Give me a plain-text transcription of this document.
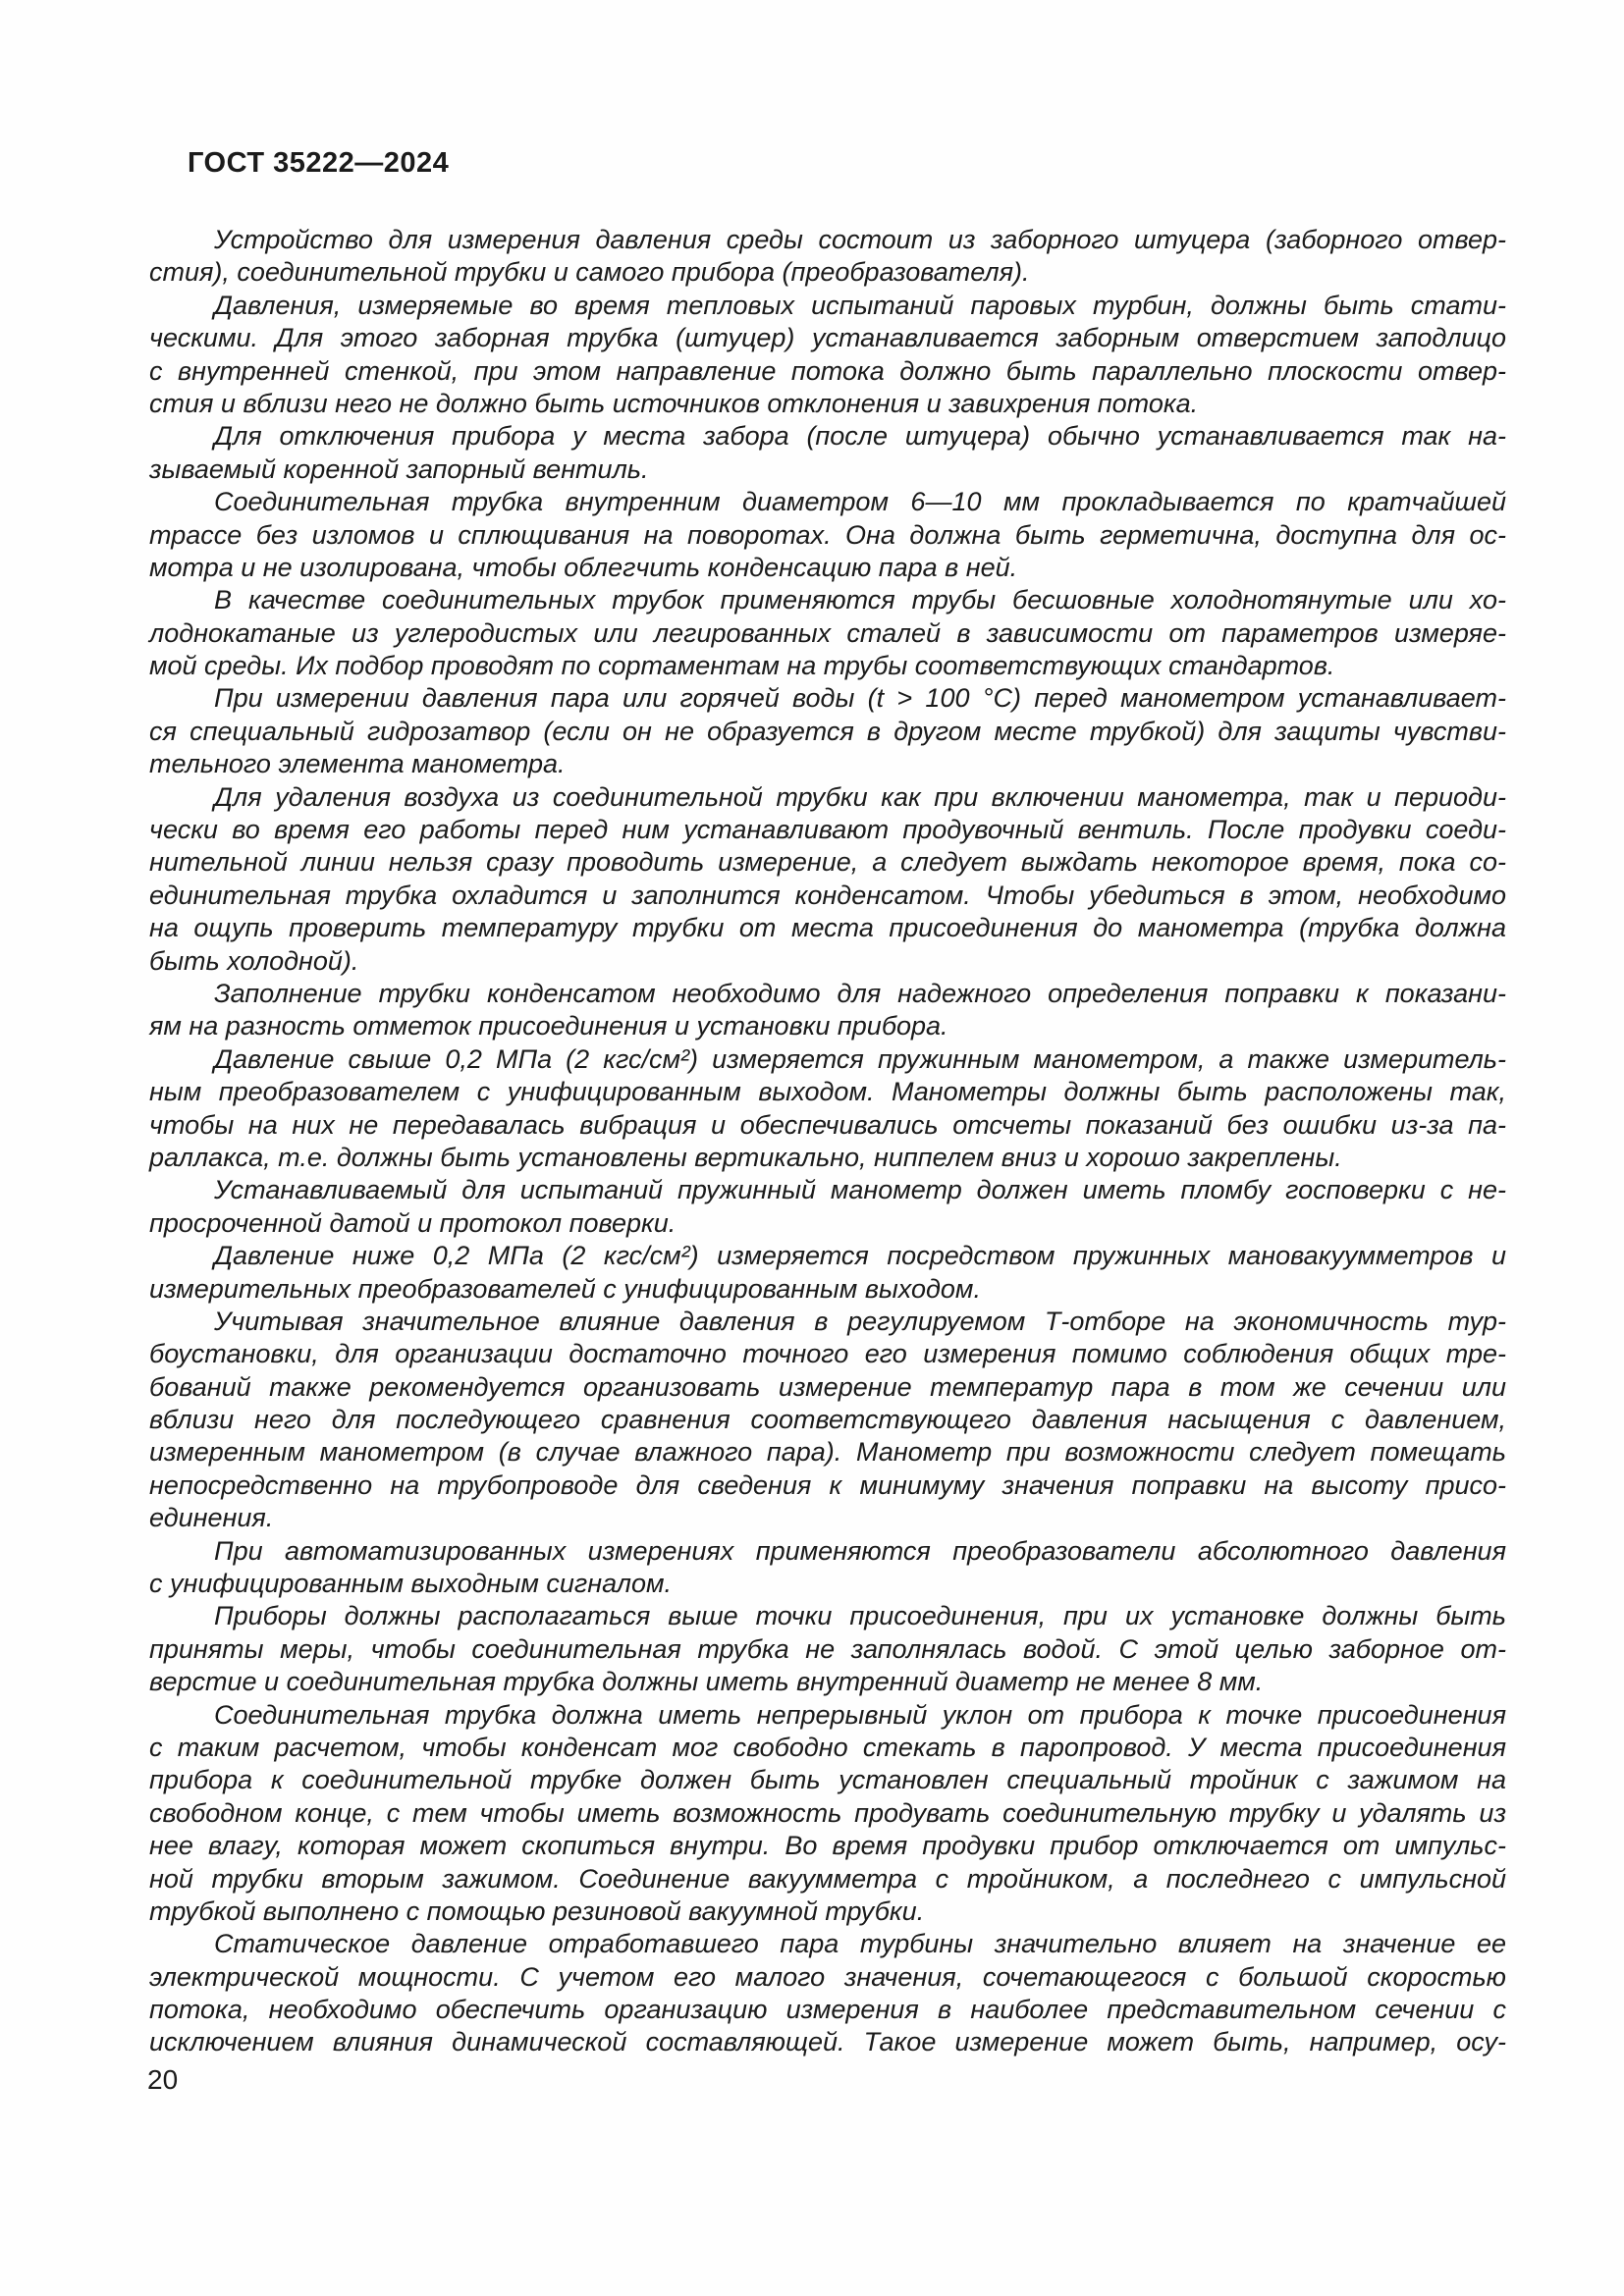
ГОСТ 35222—2024
Устройство для измерения давления среды состоит из заборного штуцера (заборного отвер-
стия), соединительной трубки и самого прибора (преобразователя).
Давления, измеряемые во время тепловых испытаний паровых турбин, должны быть стати-
ческими. Для этого заборная трубка (штуцер) устанавливается заборным отверстием заподлицо
с внутренней стенкой, при этом направление потока должно быть параллельно плоскости отвер-
стия и вблизи него не должно быть источников отклонения и завихрения потока.
Для отключения прибора у места забора (после штуцера) обычно устанавливается так на-
зываемый коренной запорный вентиль.
Соединительная трубка внутренним диаметром 6—10 мм прокладывается по кратчайшей
трассе без изломов и сплющивания на поворотах. Она должна быть герметична, доступна для ос-
мотра и не изолирована, чтобы облегчить конденсацию пара в ней.
В качестве соединительных трубок применяются трубы бесшовные холоднотянутые или хо-
лоднокатаные из углеродистых или легированных сталей в зависимости от параметров измеряе-
мой среды. Их подбор проводят по сортаментам на трубы соответствующих стандартов.
При измерении давления пара или горячей воды (t > 100 °C) перед манометром устанавливает-
ся специальный гидрозатвор (если он не образуется в другом месте трубкой) для защиты чувстви-
тельного элемента манометра.
Для удаления воздуха из соединительной трубки как при включении манометра, так и периоди-
чески во время его работы перед ним устанавливают продувочный вентиль. После продувки соеди-
нительной линии нельзя сразу проводить измерение, а следует выждать некоторое время, пока со-
единительная трубка охладится и заполнится конденсатом. Чтобы убедиться в этом, необходимо
на ощупь проверить температуру трубки от места присоединения до манометра (трубка должна
быть холодной).
Заполнение трубки конденсатом необходимо для надежного определения поправки к показани-
ям на разность отметок присоединения и установки прибора.
Давление свыше 0,2 МПа (2 кгс/см²) измеряется пружинным манометром, а также измеритель-
ным преобразователем с унифицированным выходом. Манометры должны быть расположены так,
чтобы на них не передавалась вибрация и обеспечивались отсчеты показаний без ошибки из-за па-
раллакса, т.е. должны быть установлены вертикально, ниппелем вниз и хорошо закреплены.
Устанавливаемый для испытаний пружинный манометр должен иметь пломбу госповерки с не-
просроченной датой и протокол поверки.
Давление ниже 0,2 МПа (2 кгс/см²) измеряется посредством пружинных мановакуумметров и
измерительных преобразователей с унифицированным выходом.
Учитывая значительное влияние давления в регулируемом Т-отборе на экономичность тур-
боустановки, для организации достаточно точного его измерения помимо соблюдения общих тре-
бований также рекомендуется организовать измерение температур пара в том же сечении или
вблизи него для последующего сравнения соответствующего давления насыщения с давлением,
измеренным манометром (в случае влажного пара). Манометр при возможности следует помещать
непосредственно на трубопроводе для сведения к минимуму значения поправки на высоту присо-
единения.
При автоматизированных измерениях применяются преобразователи абсолютного давления
с унифицированным выходным сигналом.
Приборы должны располагаться выше точки присоединения, при их установке должны быть
приняты меры, чтобы соединительная трубка не заполнялась водой. С этой целью заборное от-
верстие и соединительная трубка должны иметь внутренний диаметр не менее 8 мм.
Соединительная трубка должна иметь непрерывный уклон от прибора к точке присоединения
с таким расчетом, чтобы конденсат мог свободно стекать в паропровод. У места присоединения
прибора к соединительной трубке должен быть установлен специальный тройник с зажимом на
свободном конце, с тем чтобы иметь возможность продувать соединительную трубку и удалять из
нее влагу, которая может скопиться внутри. Во время продувки прибор отключается от импульс-
ной трубки вторым зажимом. Соединение вакуумметра с тройником, а последнего с импульсной
трубкой выполнено с помощью резиновой вакуумной трубки.
Статическое давление отработавшего пара турбины значительно влияет на значение ее
электрической мощности. С учетом его малого значения, сочетающегося с большой скоростью
потока, необходимо обеспечить организацию измерения в наиболее представительном сечении с
исключением влияния динамической составляющей. Такое измерение может быть, например, осу-
20
